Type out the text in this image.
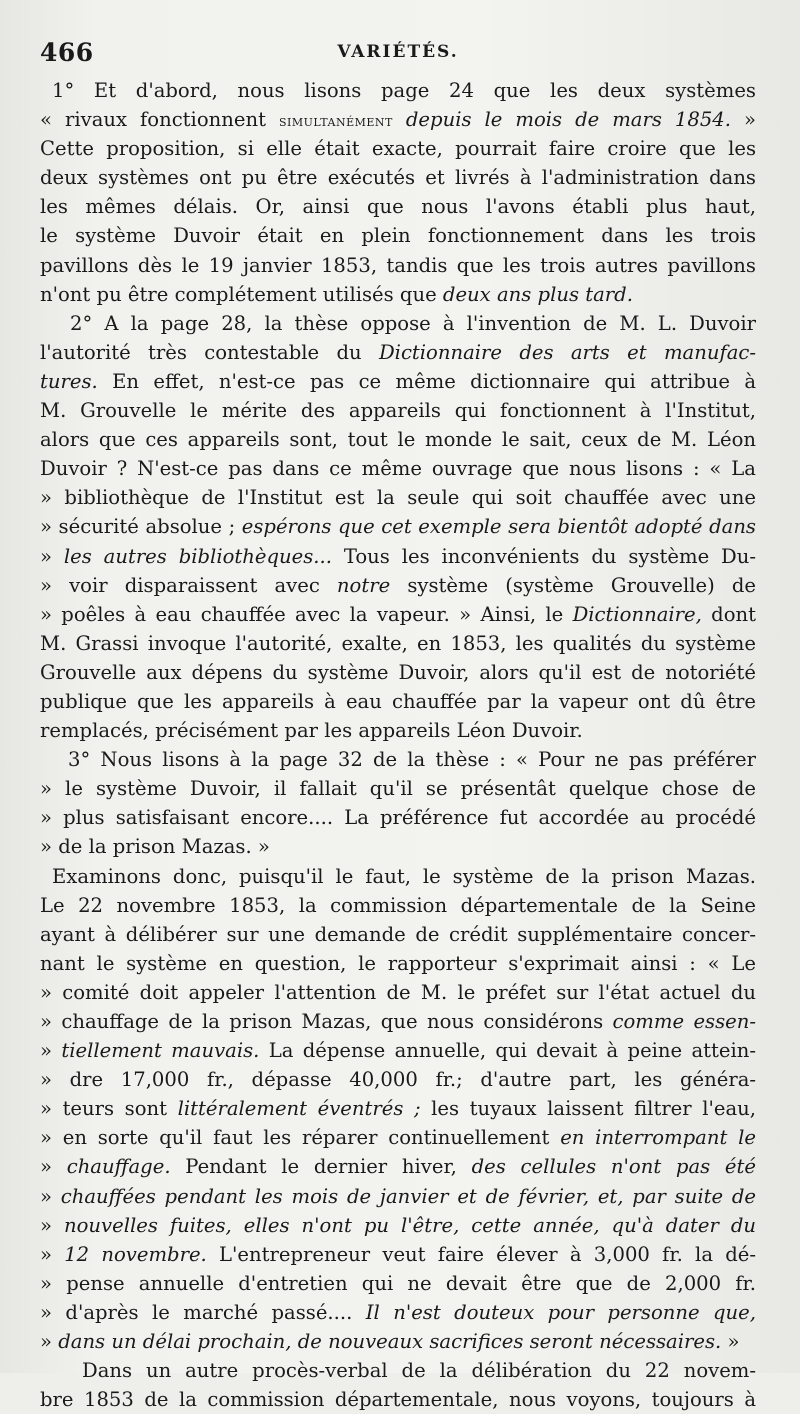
466	VARIÉTÉS.
1° Et d'abord, nous lisons page 24 que les deux systèmes
« rivaux fonctionnent simultanément depuis le mois de mars 1854. »
Cette proposition, si elle était exacte, pourrait faire croire que les
deux systèmes ont pu être exécutés et livrés à l'administration dans
les mêmes délais. Or, ainsi que nous l'avons établi plus haut,
le système Duvoir était en plein fonctionnement dans les trois
pavillons dès le 19 janvier 1853, tandis que les trois autres pavillons
n'ont pu être complétement utilisés que deux ans plus tard.
2° A la page 28, la thèse oppose à l'invention de M. L. Duvoir
l'autorité très contestable du Dictionnaire des arts et manufac-
tures. En effet, n'est-ce pas ce même dictionnaire qui attribue à
M. Grouvelle le mérite des appareils qui fonctionnent à l'Institut,
alors que ces appareils sont, tout le monde le sait, ceux de M. Léon
Duvoir ? N'est-ce pas dans ce même ouvrage que nous lisons : « La
» bibliothèque de l'Institut est la seule qui soit chauffée avec une
» sécurité absolue ; espérons que cet exemple sera bientôt adopté dans
» les autres bibliothèques... Tous les inconvénients du système Du-
» voir disparaissent avec notre système (système Grouvelle) de
» poêles à eau chauffée avec la vapeur. » Ainsi, le Dictionnaire, dont
M. Grassi invoque l'autorité, exalte, en 1853, les qualités du système
Grouvelle aux dépens du système Duvoir, alors qu'il est de notoriété
publique que les appareils à eau chauffée par la vapeur ont dû être
remplacés, précisément par les appareils Léon Duvoir.
3° Nous lisons à la page 32 de la thèse : « Pour ne pas préférer
» le système Duvoir, il fallait qu'il se présentât quelque chose de
» plus satisfaisant encore.... La préférence fut accordée au procédé
» de la prison Mazas. »
Examinons donc, puisqu'il le faut, le système de la prison Mazas.
Le 22 novembre 1853, la commission départementale de la Seine
ayant à délibérer sur une demande de crédit supplémentaire concer-
nant le système en question, le rapporteur s'exprimait ainsi : « Le
» comité doit appeler l'attention de M. le préfet sur l'état actuel du
» chauffage de la prison Mazas, que nous considérons comme essen-
» tiellement mauvais. La dépense annuelle, qui devait à peine attein-
» dre 17,000 fr., dépasse 40,000 fr.; d'autre part, les généra-
» teurs sont littéralement éventrés ; les tuyaux laissent filtrer l'eau,
» en sorte qu'il faut les réparer continuellement en interrompant le
» chauffage. Pendant le dernier hiver, des cellules n'ont pas été
» chauffées pendant les mois de janvier et de février, et, par suite de
» nouvelles fuites, elles n'ont pu l'être, cette année, qu'à dater du
» 12 novembre. L'entrepreneur veut faire élever à 3,000 fr. la dé-
» pense annuelle d'entretien qui ne devait être que de 2,000 fr.
» d'après le marché passé.... Il n'est douteux pour personne que,
» dans un délai prochain, de nouveaux sacrifices seront nécessaires. »
Dans un autre procès-verbal de la délibération du 22 novem-
bre 1853 de la commission départementale, nous voyons, toujours à
